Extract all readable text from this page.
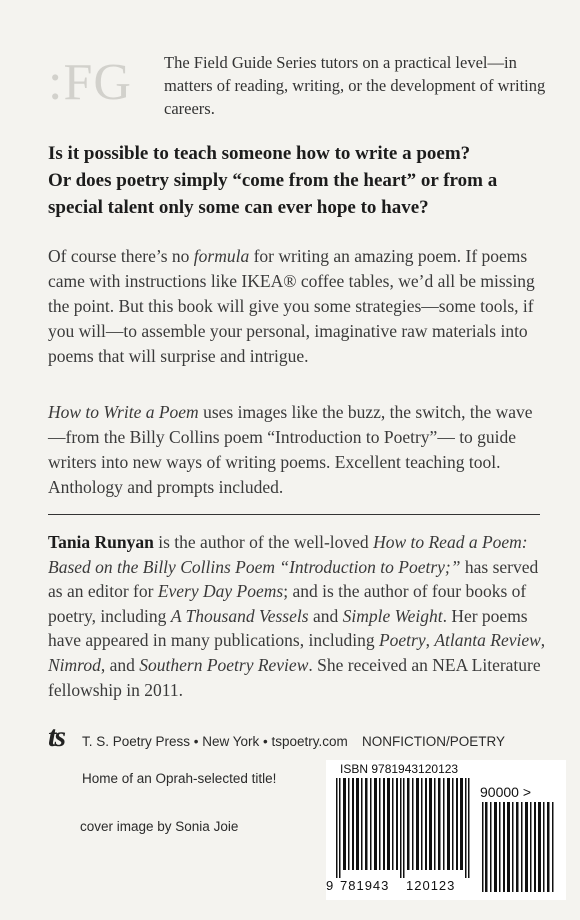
:FG The Field Guide Series tutors on a practical level—in matters of reading, writing, or the development of writing careers.

Is it possible to teach someone how to write a poem?

Or does poetry simply “come from the heart” or from a special talent only some can ever hope to have?

Of course there’s no formula for writing an amazing poem. If poems came with instructions like IKEA® coffee tables, we’d all be missing the point. But this book will give you some strategies—some tools, if you will—to assemble your personal, imaginative raw materials into poems that will surprise and intrigue.

How to Write a Poem uses images like the buzz, the switch, the wave —from the Billy Collins poem “Introduction to Poetry”— to guide writers into new ways of writing poems. Excellent teaching tool. Anthology and prompts included.

Tania Runyan is the author of the well-loved How to Read a Poem: Based on the Billy Collins Poem “Introduction to Poetry;” has served as an editor for Every Day Poems; and is the author of four books of poetry, including A Thousand Vessels and Simple Weight. Her poems have appeared in many publications, including Poetry, Atlanta Review, Nimrod, and Southern Poetry Review. She received an NEA Literature fellowship in 2011.

ts T. S. Poetry Press • New York • tspoetry.com NONFICTION/POETRY
Home of an Oprah-selected title!
cover image by Sonia Joie
ISBN 9781943120123
90000 >
9 781943 120123
